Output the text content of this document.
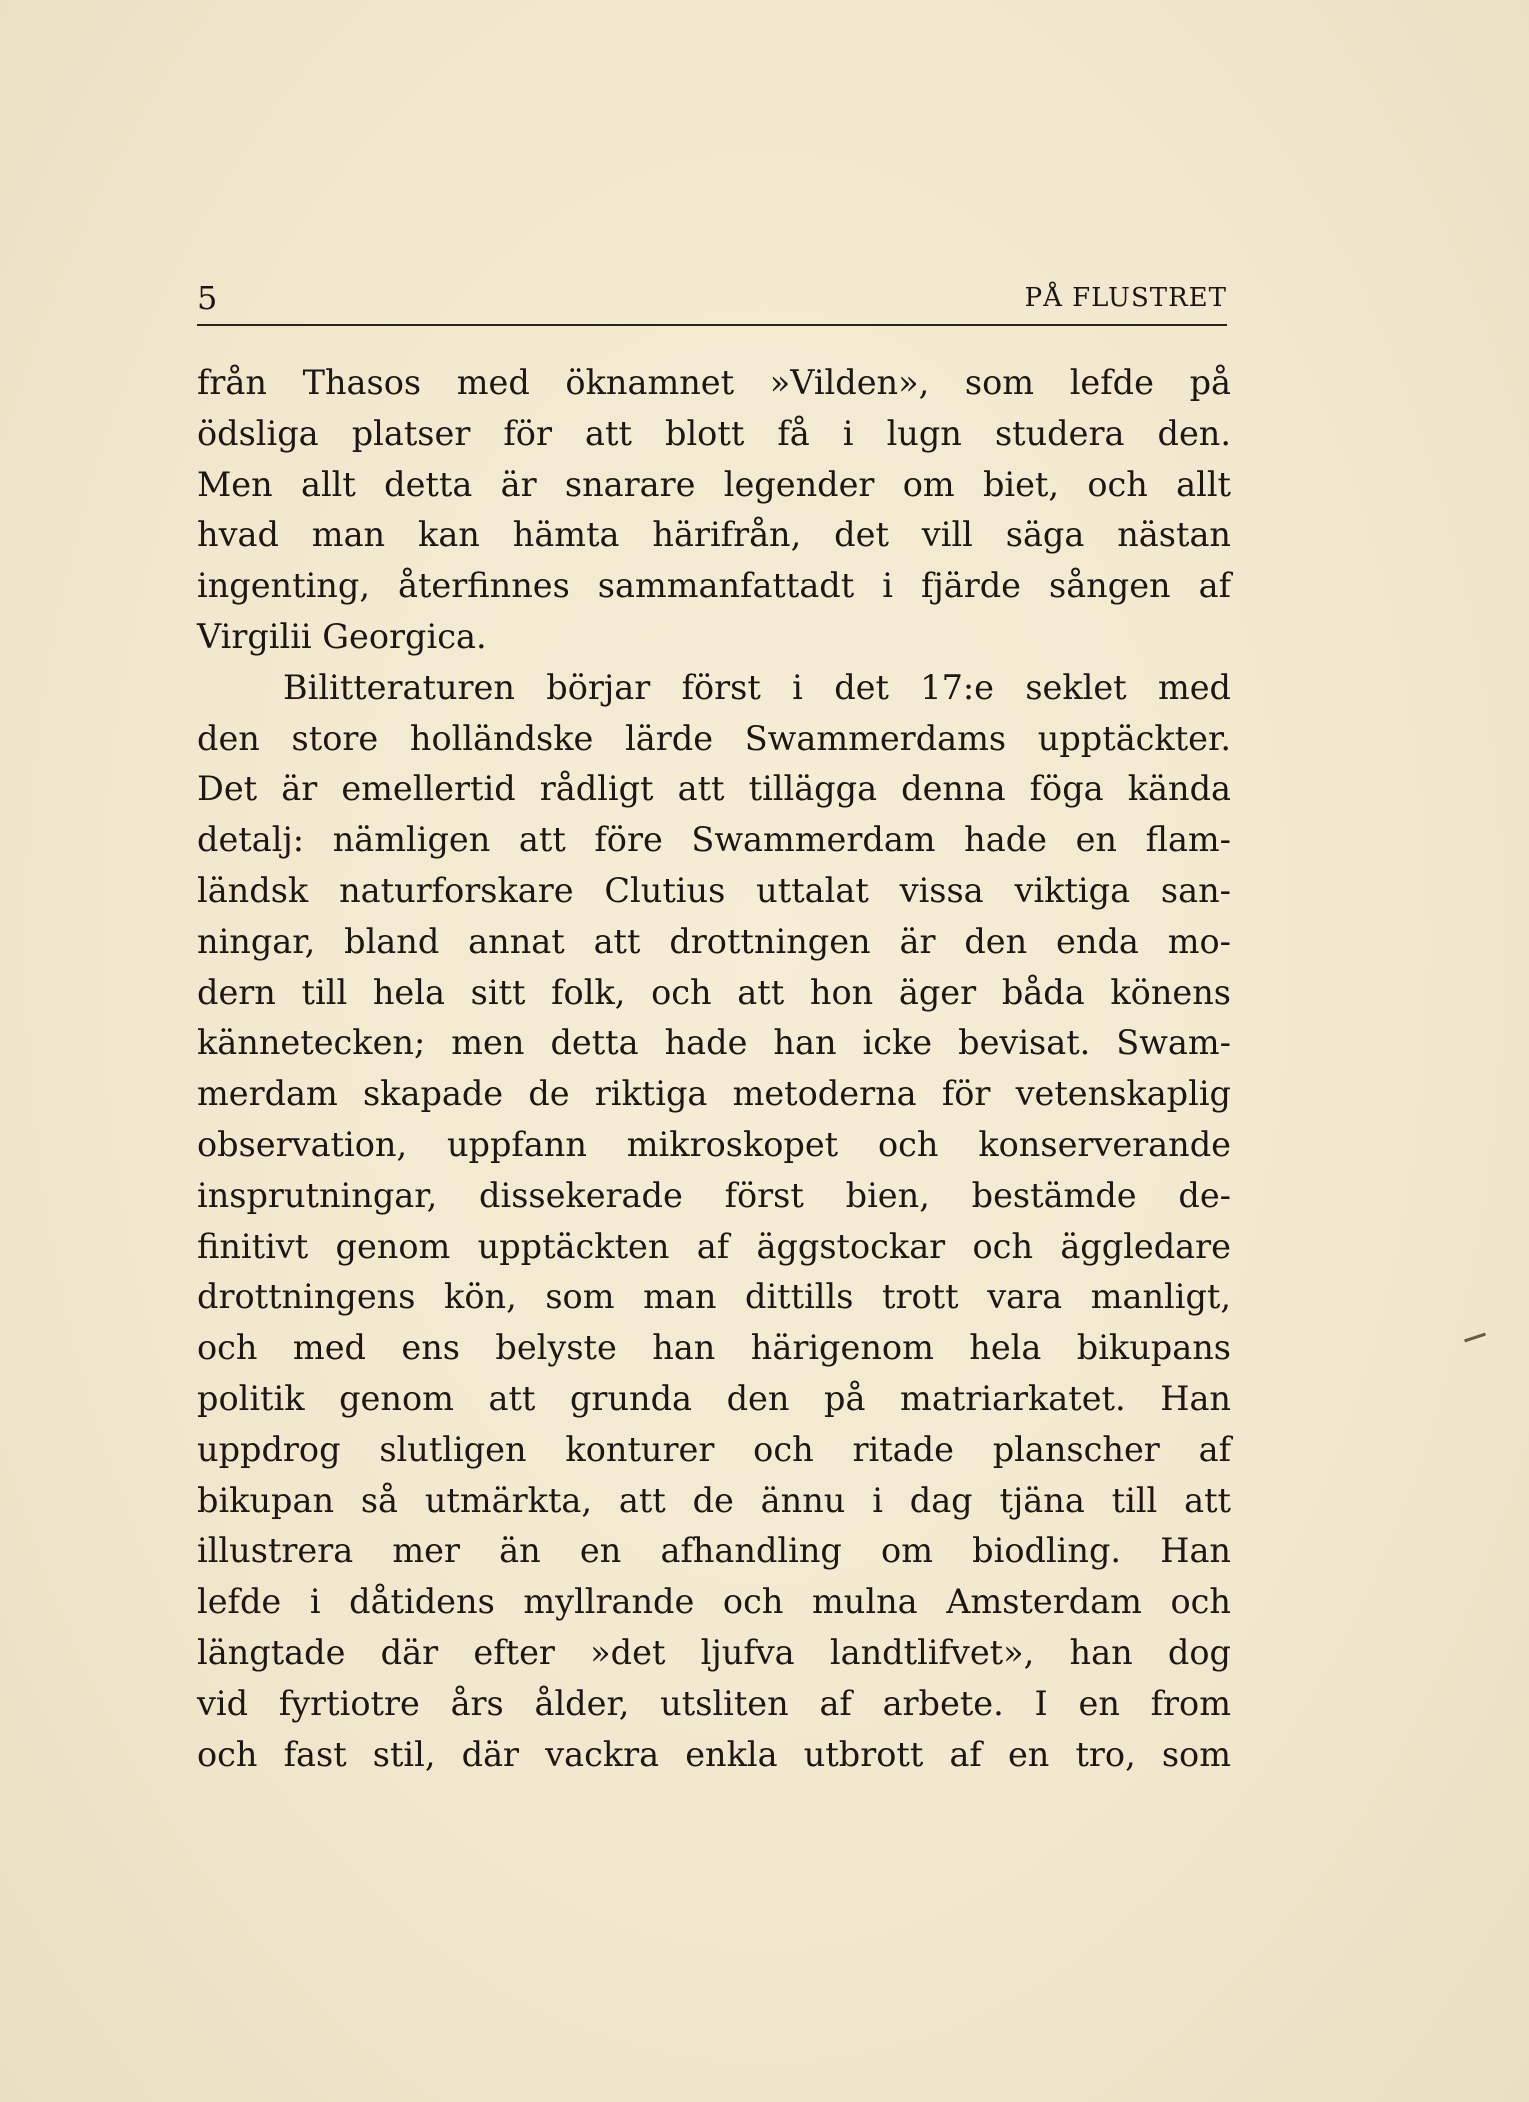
5	PÅ FLUSTRET
från Thasos med öknamnet »Vilden», som lefde på
ödsliga platser för att blott få i lugn studera den.
Men allt detta är snarare legender om biet, och allt
hvad man kan hämta härifrån, det vill säga nästan
ingenting, återfinnes sammanfattadt i fjärde sången af
Virgilii Georgica.
Bilitteraturen börjar först i det 17:e seklet med
den store holländske lärde Swammerdams upptäckter.
Det är emellertid rådligt att tillägga denna föga kända
detalj: nämligen att före Swammerdam hade en flam-
ländsk naturforskare Clutius uttalat vissa viktiga san-
ningar, bland annat att drottningen är den enda mo-
dern till hela sitt folk, och att hon äger båda könens
kännetecken; men detta hade han icke bevisat. Swam-
merdam skapade de riktiga metoderna för vetenskaplig
observation, uppfann mikroskopet och konserverande
insprutningar, dissekerade först bien, bestämde de-
finitivt genom upptäckten af äggstockar och äggledare
drottningens kön, som man dittills trott vara manligt,
och med ens belyste han härigenom hela bikupans
politik genom att grunda den på matriarkatet. Han
uppdrog slutligen konturer och ritade planscher af
bikupan så utmärkta, att de ännu i dag tjäna till att
illustrera mer än en afhandling om biodling. Han
lefde i dåtidens myllrande och mulna Amsterdam och
längtade där efter »det ljufva landtlifvet», han dog
vid fyrtiotre års ålder, utsliten af arbete. I en from
och fast stil, där vackra enkla utbrott af en tro, som
